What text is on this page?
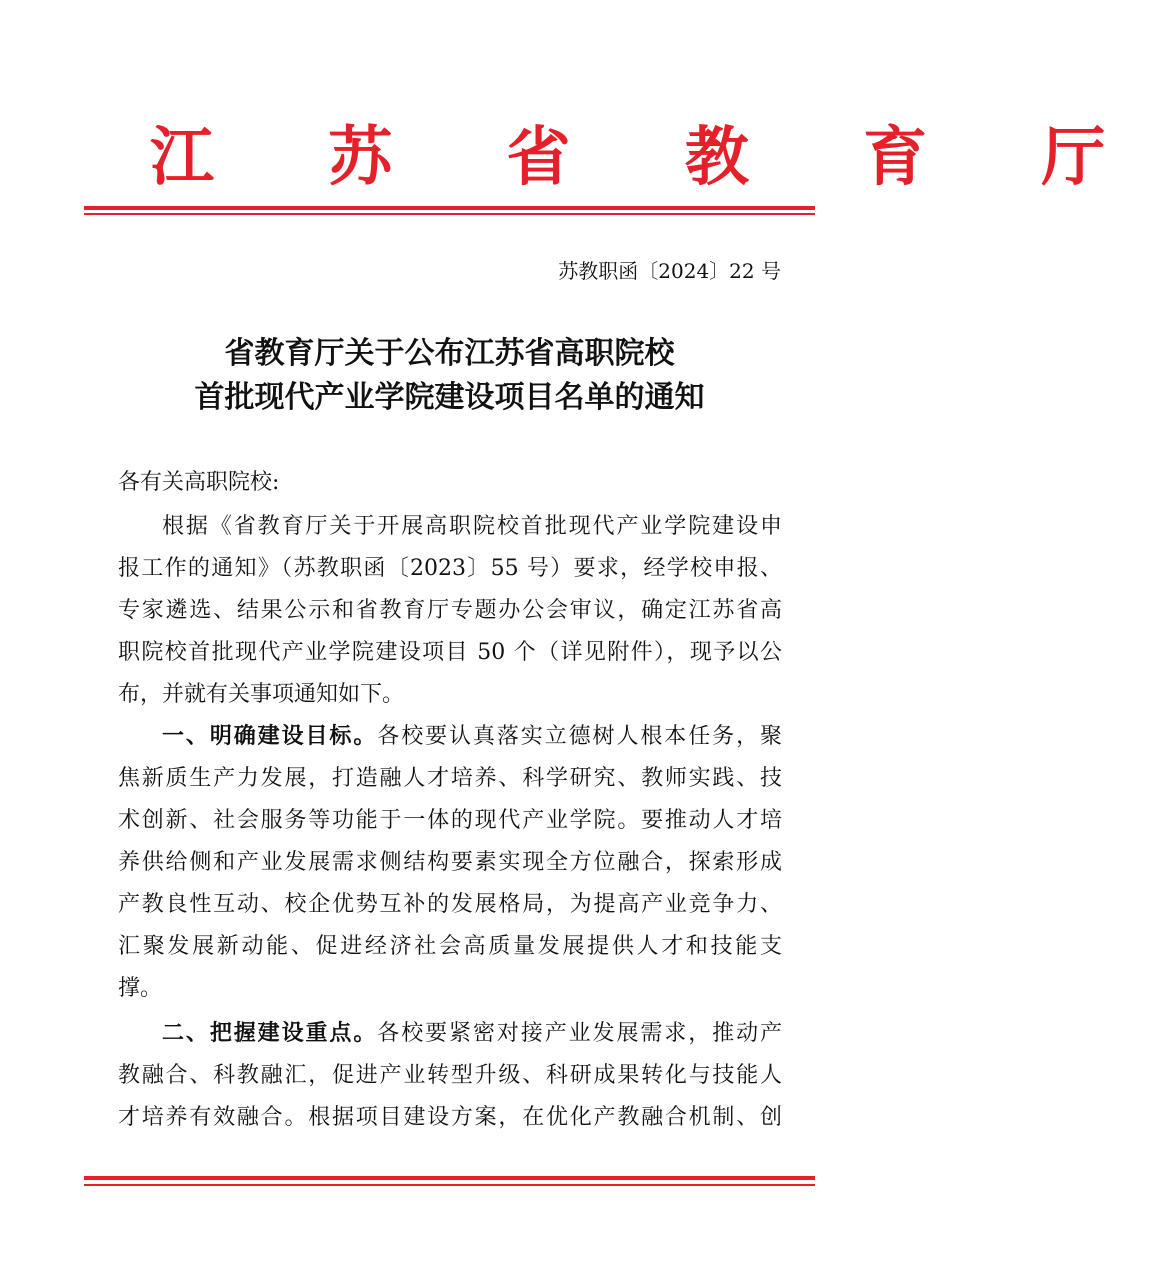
江 苏 省 教 育 厅
苏教职函〔2024〕22 号
省教育厅关于公布江苏省高职院校
首批现代产业学院建设项目名单的通知
各有关高职院校:
根据《省教育厅关于开展高职院校首批现代产业学院建设申
报工作的通知》（苏教职函〔2023〕55 号）要求，经学校申报、
专家遴选、结果公示和省教育厅专题办公会审议，确定江苏省高
职院校首批现代产业学院建设项目 50 个（详见附件），现予以公
布，并就有关事项通知如下。
一、明确建设目标。各校要认真落实立德树人根本任务，聚
焦新质生产力发展，打造融人才培养、科学研究、教师实践、技
术创新、社会服务等功能于一体的现代产业学院。要推动人才培
养供给侧和产业发展需求侧结构要素实现全方位融合，探索形成
产教良性互动、校企优势互补的发展格局，为提高产业竞争力、
汇聚发展新动能、促进经济社会高质量发展提供人才和技能支
撑。
二、把握建设重点。各校要紧密对接产业发展需求，推动产
教融合、科教融汇，促进产业转型升级、科研成果转化与技能人
才培养有效融合。根据项目建设方案，在优化产教融合机制、创
